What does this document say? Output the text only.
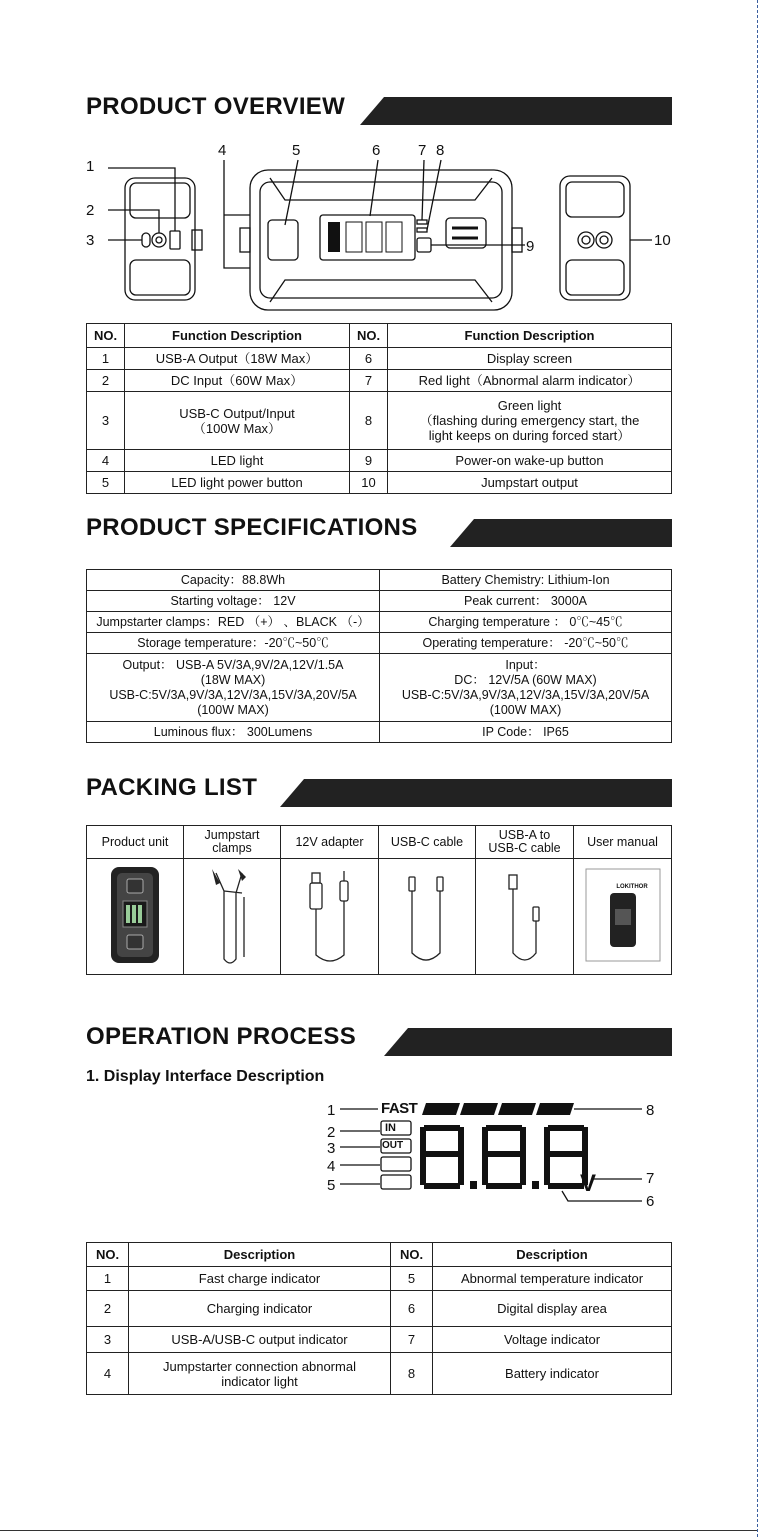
PRODUCT OVERVIEW
1
2
3
4	5	6	7 8
9	10
NO.	Function Description	NO.	Function Description
1	USB-A Output（18W Max）	6	Display screen
2	DC Input（60W Max）	7	Red light（Abnormal alarm indicator）
3	USB-C Output/Input
（100W Max）	8	Green light
（flashing during emergency start, the
light keeps on during forced start）
4	LED light	9	Power-on wake-up button
5	LED light power button	10	Jumpstart output
PRODUCT SPECIFICATIONS
Capacity：88.8Wh	Battery Chemistry: Lithium-Ion
Starting voltage： 12V	Peak current： 3000A
Jumpstarter clamps：RED （+） 、BLACK （-）	Charging temperature ： 0℃~45℃
Storage temperature：-20℃~50℃	Operating temperature： -20℃~50℃
Output： USB-A 5V/3A,9V/2A,12V/1.5A
(18W MAX)
USB-C:5V/3A,9V/3A,12V/3A,15V/3A,20V/5A
(100W MAX)	Input：
DC： 12V/5A (60W MAX)
USB-C:5V/3A,9V/3A,12V/3A,15V/3A,20V/5A
(100W MAX)
Luminous flux： 300Lumens	IP Code： IP65
PACKING LIST
Product unit	Jumpstart
clamps	12V adapter	USB-C cable	USB-A to
USB-C cable	User manual

LOKITHOR
OPERATION PROCESS
1. Display Interface Description
FAST
IN
OUT
V
1
2
3
4
5
6
7
8
NO.	Description	NO.	Description
1	Fast charge indicator	5	Abnormal temperature indicator
2	Charging indicator	6	Digital display area
3	USB-A/USB-C output indicator	7	Voltage indicator
4	Jumpstarter connection abnormal
indicator light	8	Battery indicator
